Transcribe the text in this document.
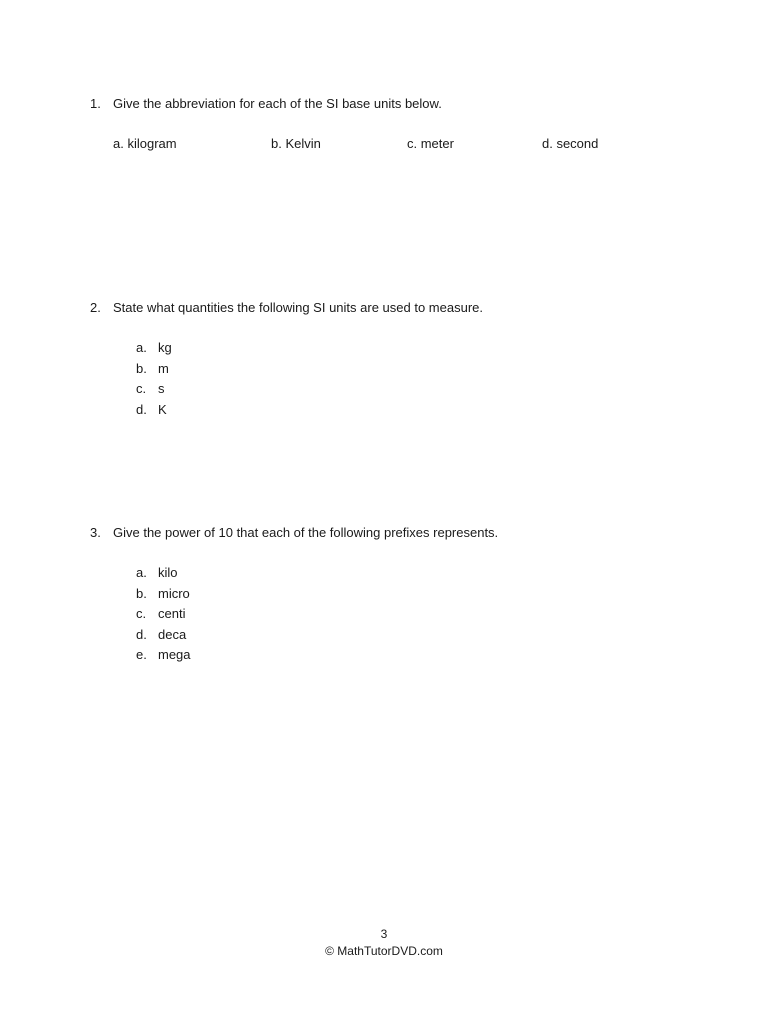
1. Give the abbreviation for each of the SI base units below.
a. kilogram	b. Kelvin	c. meter	d. second
2. State what quantities the following SI units are used to measure.
a. kg
b. m
c. s
d. K
3. Give the power of 10 that each of the following prefixes represents.
a. kilo
b. micro
c. centi
d. deca
e. mega
3
© MathTutorDVD.com
